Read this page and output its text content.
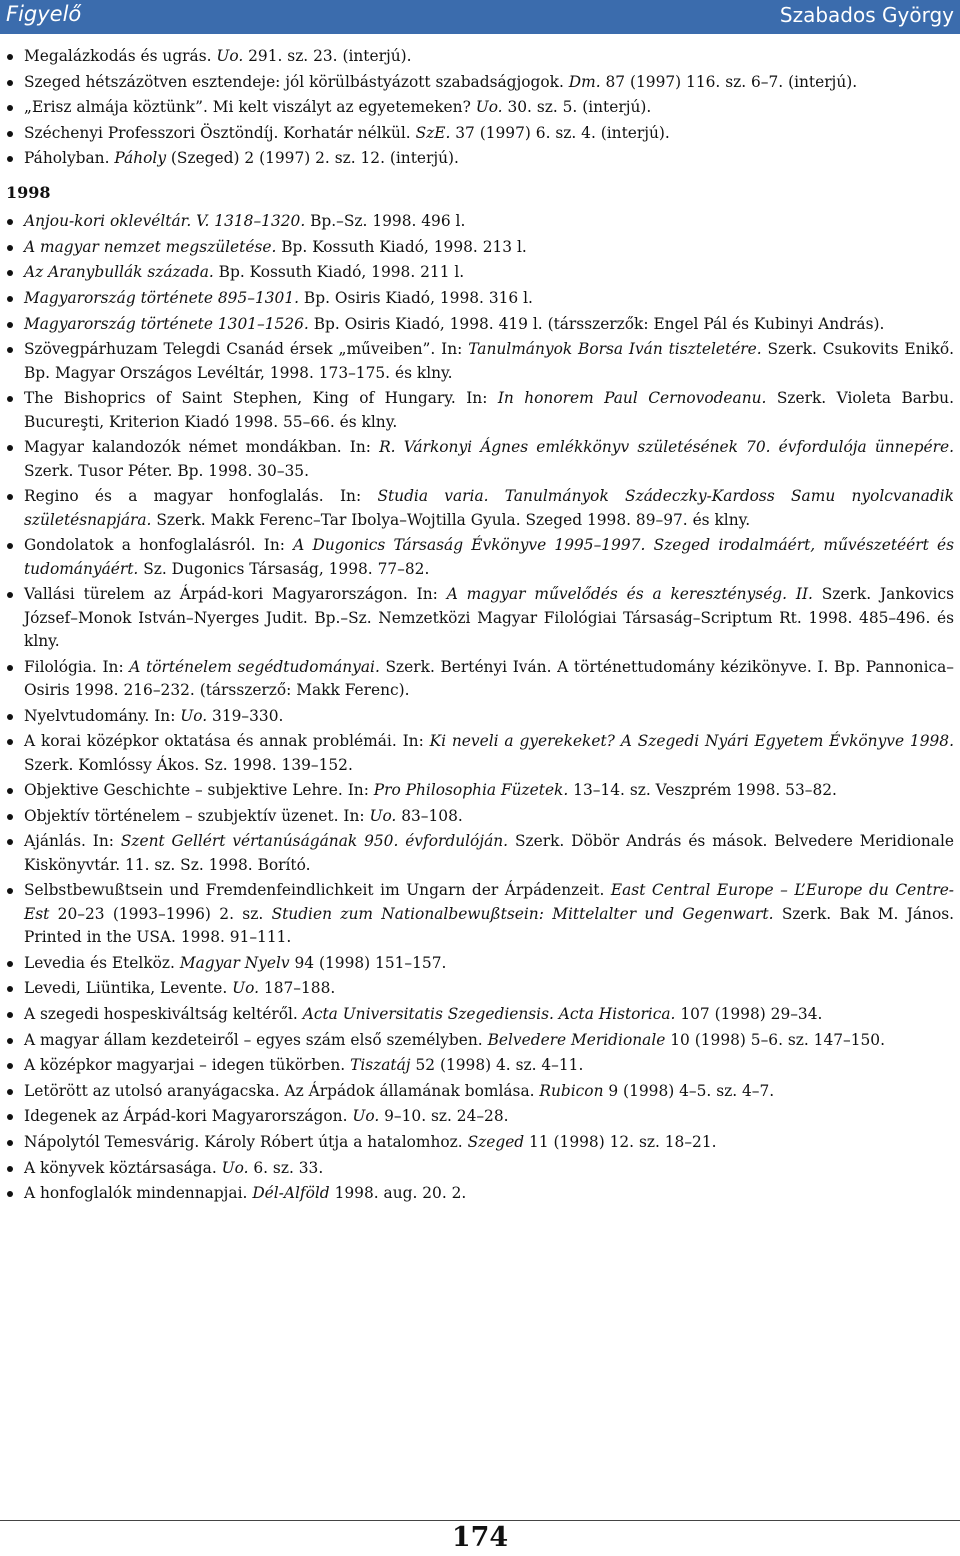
Figyelő	Szabados György
Megalázkodás és ugrás. Uo. 291. sz. 23. (interjú).
Szeged hétszázötven esztendeje: jól körülbástyázott szabadságjogok. Dm. 87 (1997) 116. sz. 6–7. (interjú).
„Erisz almája köztünk”. Mi kelt viszályt az egyetemeken? Uo. 30. sz. 5. (interjú).
Széchenyi Professzori Ösztöndíj. Korhatár nélkül. SzE. 37 (1997) 6. sz. 4. (interjú).
Páholyban. Páholy (Szeged) 2 (1997) 2. sz. 12. (interjú).
1998
Anjou-kori oklevéltár. V. 1318–1320. Bp.–Sz. 1998. 496 l.
A magyar nemzet megszületése. Bp. Kossuth Kiadó, 1998. 213 l.
Az Aranybullák százada. Bp. Kossuth Kiadó, 1998. 211 l.
Magyarország története 895–1301. Bp. Osiris Kiadó, 1998. 316 l.
Magyarország története 1301–1526. Bp. Osiris Kiadó, 1998. 419 l. (társszerzők: Engel Pál és Kubinyi András).
Szövegpárhuzam Telegdi Csanád érsek „műveiben”. In: Tanulmányok Borsa Iván tiszteletére. Szerk. Csukovits Enikő. Bp. Magyar Országos Levéltár, 1998. 173–175. és klny.
The Bishoprics of Saint Stephen, King of Hungary. In: In honorem Paul Cernovodeanu. Szerk. Violeta Barbu. Bucureşti, Kriterion Kiadó 1998. 55–66. és klny.
Magyar kalandozók német mondákban. In: R. Várkonyi Ágnes emlékkönyv születésének 70. évfordulója ünnepére. Szerk. Tusor Péter. Bp. 1998. 30–35.
Regino és a magyar honfoglalás. In: Studia varia. Tanulmányok Szádeczky-Kardoss Samu nyolcvanadik születésnapjára. Szerk. Makk Ferenc–Tar Ibolya–Wojtilla Gyula. Szeged 1998. 89–97. és klny.
Gondolatok a honfoglalásról. In: A Dugonics Társaság Évkönyve 1995–1997. Szeged irodalmáért, művészetéért és tudományáért. Sz. Dugonics Társaság, 1998. 77–82.
Vallási türelem az Árpád-kori Magyarországon. In: A magyar művelődés és a kereszténység. II. Szerk. Jankovics József–Monok István–Nyerges Judit. Bp.–Sz. Nemzetközi Magyar Filológiai Társaság–Scriptum Rt. 1998. 485–496. és klny.
Filológia. In: A történelem segédtudományai. Szerk. Bertényi Iván. A történettudomány kézikönyve. I. Bp. Pannonica–Osiris 1998. 216–232. (társszerző: Makk Ferenc).
Nyelvtudomány. In: Uo. 319–330.
A korai középkor oktatása és annak problémái. In: Ki neveli a gyerekeket? A Szegedi Nyári Egyetem Évkönyve 1998. Szerk. Komlóssy Ákos. Sz. 1998. 139–152.
Objektive Geschichte – subjektive Lehre. In: Pro Philosophia Füzetek. 13–14. sz. Veszprém 1998. 53–82.
Objektív történelem – szubjektív üzenet. In: Uo. 83–108.
Ajánlás. In: Szent Gellért vértanúságának 950. évfordulóján. Szerk. Döbör András és mások. Belvedere Meridionale Kiskönyvtár. 11. sz. Sz. 1998. Borító.
Selbstbewußtsein und Fremdenfeindlichkeit im Ungarn der Árpádenzeit. East Central Europe – L’Europe du Centre-Est 20–23 (1993–1996) 2. sz. Studien zum Nationalbewußtsein: Mittelalter und Gegenwart. Szerk. Bak M. János. Printed in the USA. 1998. 91–111.
Levedia és Etelköz. Magyar Nyelv 94 (1998) 151–157.
Levedi, Liüntika, Levente. Uo. 187–188.
A szegedi hospeskiváltság keltéről. Acta Universitatis Szegediensis. Acta Historica. 107 (1998) 29–34.
A magyar állam kezdeteiről – egyes szám első személyben. Belvedere Meridionale 10 (1998) 5–6. sz. 147–150.
A középkor magyarjai – idegen tükörben. Tiszatáj 52 (1998) 4. sz. 4–11.
Letörött az utolsó aranyágacska. Az Árpádok államának bomlása. Rubicon 9 (1998) 4–5. sz. 4–7.
Idegenek az Árpád-kori Magyarországon. Uo. 9–10. sz. 24–28.
Nápolytól Temesvárig. Károly Róbert útja a hatalomhoz. Szeged 11 (1998) 12. sz. 18–21.
A könyvek köztársasága. Uo. 6. sz. 33.
A honfoglalók mindennapjai. Dél-Alföld 1998. aug. 20. 2.
174
